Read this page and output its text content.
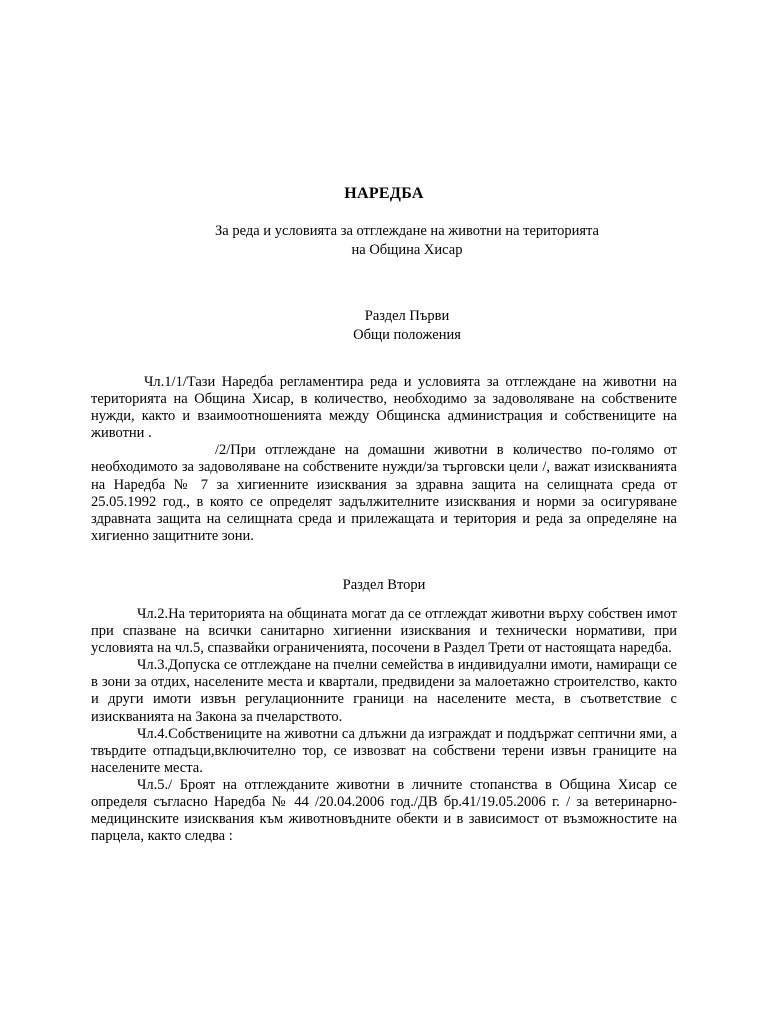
НАРЕДБА
За реда и условията за отглеждане на животни на територията
на Община Хисар
Раздел Първи
Общи положения

Чл.1/1/Тази Наредба регламентира реда и условията за отглеждане на животни на територията на Община Хисар, в количество, необходимо за задоволяване на собствените нужди, както и взаимоотношенията между Общинска администрация и собствениците на животни .

/2/При отглеждане на домашни животни в количество по-голямо от необходимото за задоволяване на собствените нужди/за търговски цели /, важат изискванията на Наредба № 7 за хигиенните изисквания за здравна защита на селищната среда от 25.05.1992 год., в която се определят задължителните изисквания и норми за осигуряване здравната защита на селищната среда и прилежащата и територия и реда за определяне на хигиенно защитните зони.

Раздел Втори

Чл.2.На територията на общината могат да се отглеждат животни върху собствен имот при спазване на всички санитарно хигиенни изисквания и технически нормативи, при условията на чл.5, спазвайки ограниченията, посочени в Раздел Трети от настоящата наредба.

Чл.3.Допуска се отглеждане на пчелни семейства в индивидуални имоти, намиращи се в зони за отдих, населените места и квартали, предвидени за малоетажно строителство, както и други имоти извън регулационните граници на населените места, в съответствие с изискванията на Закона за пчеларството.

Чл.4.Собствениците на животни са длъжни да изграждат и поддържат септични ями, а твърдите отпадъци,включително тор, се извозват на собствени терени извън границите на населените места.

Чл.5./ Броят на отглежданите животни в личните стопанства в Община Хисар се определя съгласно Наредба № 44 /20.04.2006 год./ДВ бр.41/19.05.2006 г. / за ветеринарно-медицинските изисквания към животновъдните обекти и в зависимост от възможностите на парцела, както следва :
